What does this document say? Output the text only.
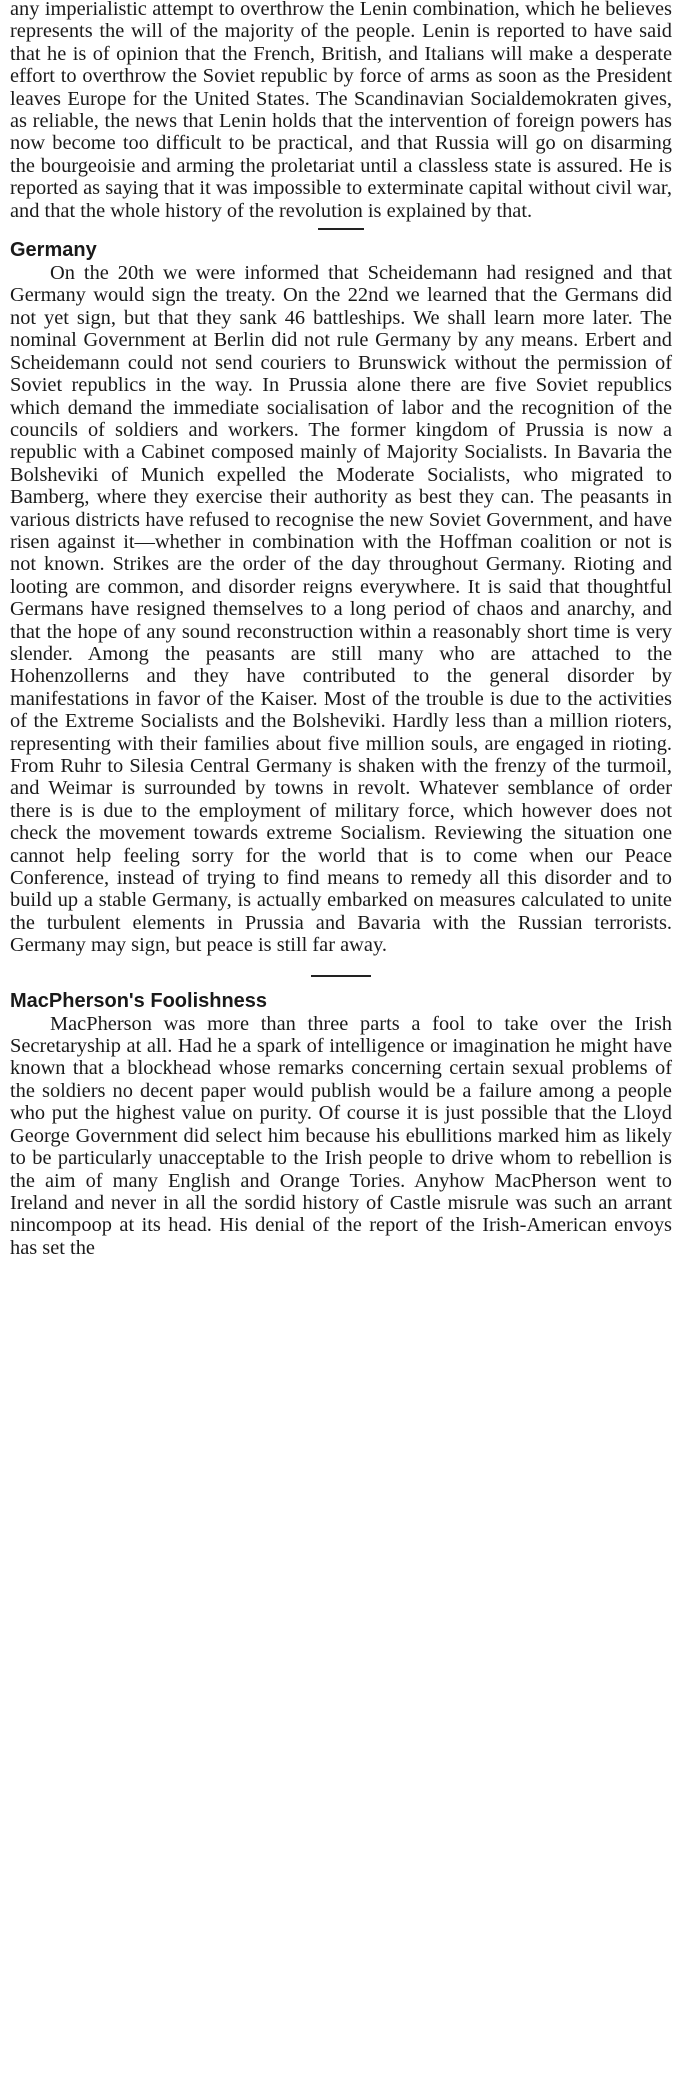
any imperialistic attempt to overthrow the Lenin combination, which he believes represents the will of the majority of the people. Lenin is reported to have said that he is of opinion that the French, British, and Italians will make a desperate effort to overthrow the Soviet republic by force of arms as soon as the President leaves Europe for the United States. The Scandinavian Socialdemokraten gives, as reliable, the news that Lenin holds that the intervention of foreign powers has now become too difficult to be practical, and that Russia will go on disarming the bourgeoisie and arming the proletariat until a classless state is assured. He is reported as saying that it was impossible to exterminate capital without civil war, and that the whole history of the revolution is explained by that.

Germany

On the 20th we were informed that Scheidemann had resigned and that Germany would sign the treaty. On the 22nd we learned that the Germans did not yet sign, but that they sank 46 battleships. We shall learn more later. The nominal Government at Berlin did not rule Germany by any means. Erbert and Scheidemann could not send couriers to Brunswick without the permission of Soviet republics in the way. In Prussia alone there are five Soviet republics which demand the immediate socialisation of labor and the recognition of the councils of soldiers and workers. The former kingdom of Prussia is now a republic with a Cabinet composed mainly of Majority Socialists. In Bavaria the Bolsheviki of Munich expelled the Moderate Socialists, who migrated to Bamberg, where they exercise their authority as best they can. The peasants in various districts have refused to recognise the new Soviet Government, and have risen against it—whether in combination with the Hoffman coalition or not is not known. Strikes are the order of the day throughout Germany. Rioting and looting are common, and disorder reigns everywhere. It is said that thoughtful Germans have resigned themselves to a long period of chaos and anarchy, and that the hope of any sound reconstruction within a reasonably short time is very slender. Among the peasants are still many who are attached to the Hohenzollerns and they have contributed to the general disorder by manifestations in favor of the Kaiser. Most of the trouble is due to the activities of the Extreme Socialists and the Bolsheviki. Hardly less than a million rioters, representing with their families about five million souls, are engaged in rioting. From Ruhr to Silesia Central Germany is shaken with the frenzy of the turmoil, and Weimar is surrounded by towns in revolt. Whatever semblance of order there is is due to the employment of military force, which however does not check the movement towards extreme Socialism. Reviewing the situation one cannot help feeling sorry for the world that is to come when our Peace Conference, instead of trying to find means to remedy all this disorder and to build up a stable Germany, is actually embarked on measures calculated to unite the turbulent elements in Prussia and Bavaria with the Russian terrorists. Germany may sign, but peace is still far away.

MacPherson's Foolishness

MacPherson was more than three parts a fool to take over the Irish Secretaryship at all. Had he a spark of intelligence or imagination he might have known that a blockhead whose remarks concerning certain sexual problems of the soldiers no decent paper would publish would be a failure among a people who put the highest value on purity. Of course it is just possible that the Lloyd George Government did select him because his ebullitions marked him as likely to be particularly unacceptable to the Irish people to drive whom to rebellion is the aim of many English and Orange Tories. Anyhow MacPherson went to Ireland and never in all the sordid history of Castle misrule was such an arrant nincompoop at its head. His denial of the report of the Irish-American envoys has set the
